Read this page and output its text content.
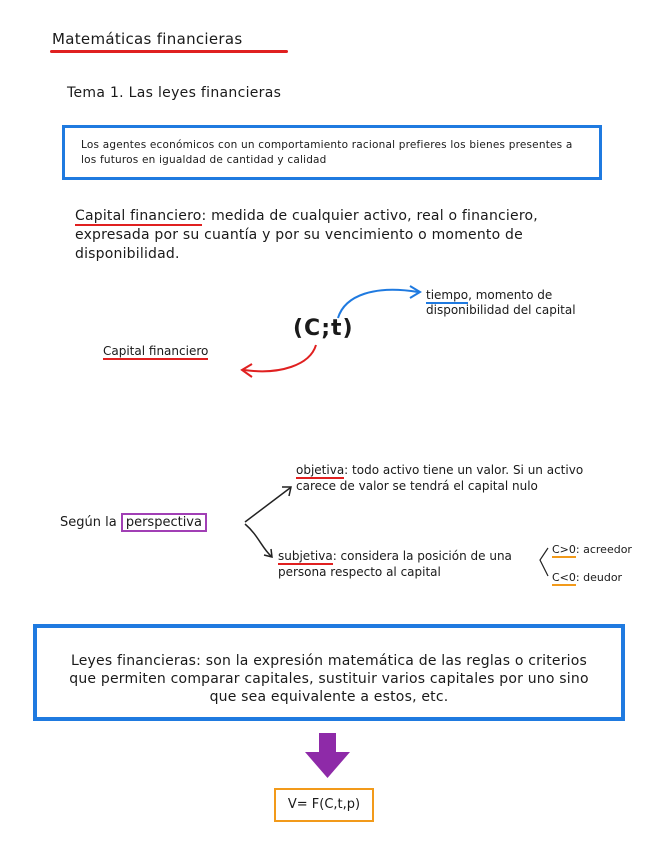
Matemáticas financieras
Tema 1. Las leyes financieras
Los agentes económicos con un comportamiento racional prefieres los bienes presentes a los futuros en igualdad de cantidad y calidad
Capital financiero: medida de cualquier activo, real o financiero, expresada por su cuantía y por su vencimiento o momento de disponibilidad.
(C;t)
tiempo, momento de disponibilidad del capital
Capital financiero
Según la perspectiva
objetiva: todo activo tiene un valor. Si un activo carece de valor se tendrá el capital nulo
subjetiva: considera la posición de una persona respecto al capital
C>0: acreedor
C<0: deudor
Leyes financieras: son la expresión matemática de las reglas o criterios que permiten comparar capitales, sustituir varios capitales por uno sino que sea equivalente a estos, etc.
V= F(C,t,p)
